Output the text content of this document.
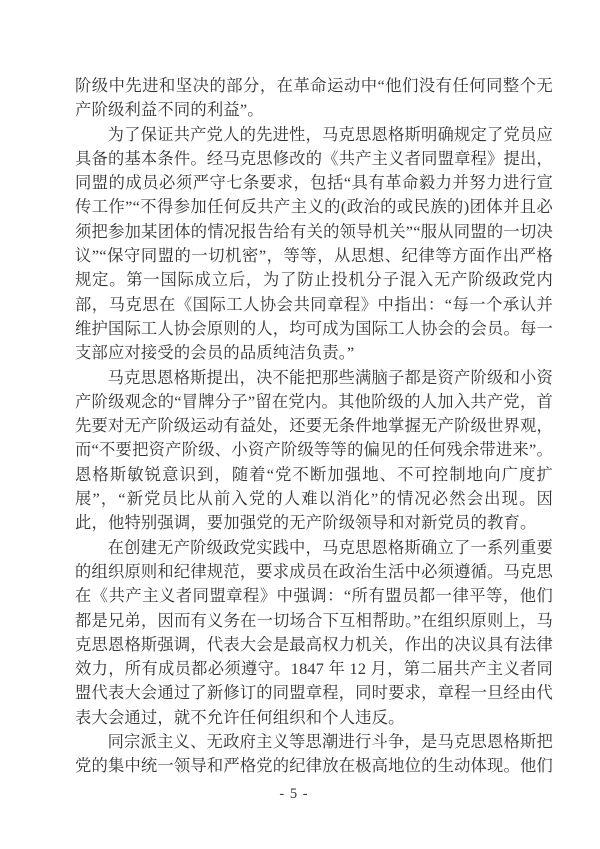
阶级中先进和坚决的部分，在革命运动中“他们没有任何同整个无产阶级利益不同的利益”。

为了保证共产党人的先进性，马克思恩格斯明确规定了党员应具备的基本条件。经马克思修改的《共产主义者同盟章程》提出，同盟的成员必须严守七条要求，包括“具有革命毅力并努力进行宣传工作”“不得参加任何反共产主义的(政治的或民族的)团体并且必须把参加某团体的情况报告给有关的领导机关”“服从同盟的一切决议”“保守同盟的一切机密”，等等，从思想、纪律等方面作出严格规定。第一国际成立后，为了防止投机分子混入无产阶级政党内部，马克思在《国际工人协会共同章程》中指出：“每一个承认并维护国际工人协会原则的人，均可成为国际工人协会的会员。每一支部应对接受的会员的品质纯洁负责。”

马克思恩格斯提出，决不能把那些满脑子都是资产阶级和小资产阶级观念的“冒牌分子”留在党内。其他阶级的人加入共产党，首先要对无产阶级运动有益处，还要无条件地掌握无产阶级世界观，而“不要把资产阶级、小资产阶级等等的偏见的任何残余带进来”。恩格斯敏锐意识到，随着“党不断加强地、不可控制地向广度扩展”，“新党员比从前入党的人难以消化”的情况必然会出现。因此，他特别强调，要加强党的无产阶级领导和对新党员的教育。

在创建无产阶级政党实践中，马克思恩格斯确立了一系列重要的组织原则和纪律规范，要求成员在政治生活中必须遵循。马克思在《共产主义者同盟章程》中强调：“所有盟员都一律平等，他们都是兄弟，因而有义务在一切场合下互相帮助。”在组织原则上，马克思恩格斯强调，代表大会是最高权力机关，作出的决议具有法律效力，所有成员都必须遵守。1847 年 12 月，第二届共产主义者同盟代表大会通过了新修订的同盟章程，同时要求，章程一旦经由代表大会通过，就不允许任何组织和个人违反。

同宗派主义、无政府主义等思潮进行斗争，是马克思恩格斯把党的集中统一领导和严格党的纪律放在极高地位的生动体现。他们

- 5 -
